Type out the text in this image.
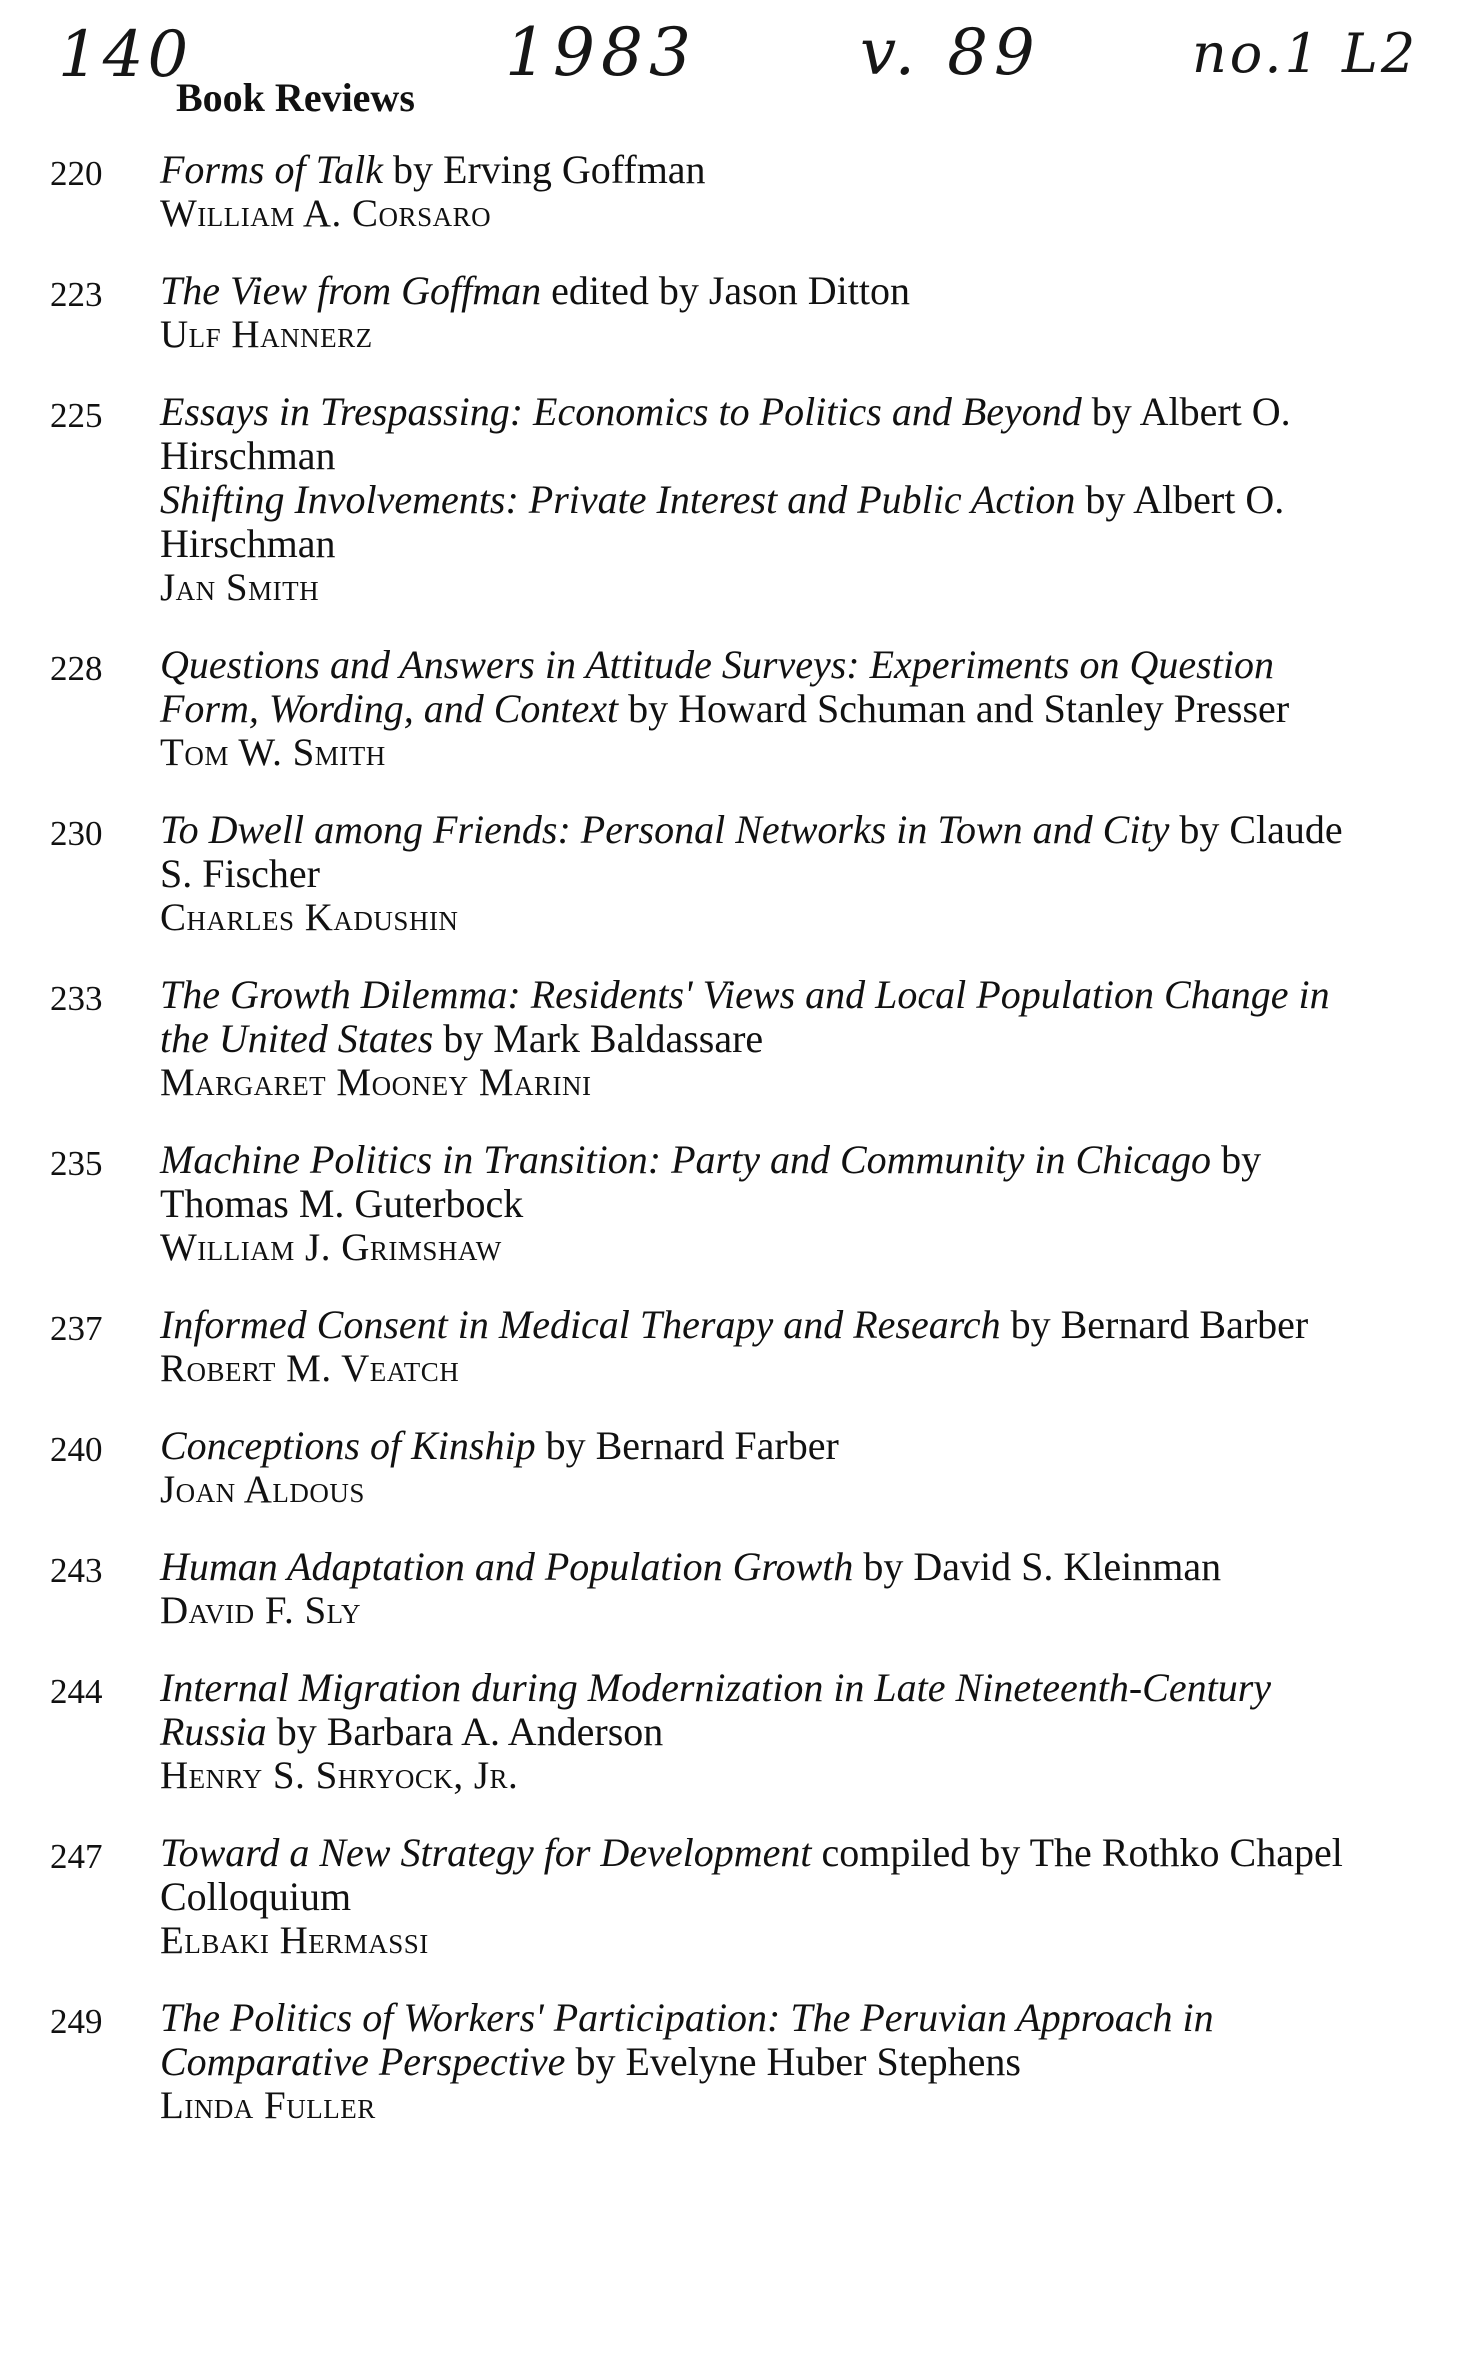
140	1983	v. 89	no.1 L2
Book Reviews
220	Forms of Talk by Erving Goffman
William A. Corsaro
223	The View from Goffman edited by Jason Ditton
Ulf Hannerz
225	Essays in Trespassing: Economics to Politics and Beyond by Albert O. Hirschman
Shifting Involvements: Private Interest and Public Action by Albert O. Hirschman
Jan Smith
228	Questions and Answers in Attitude Surveys: Experiments on Question Form, Wording, and Context by Howard Schuman and Stanley Presser
Tom W. Smith
230	To Dwell among Friends: Personal Networks in Town and City by Claude S. Fischer
Charles Kadushin
233	The Growth Dilemma: Residents' Views and Local Population Change in the United States by Mark Baldassare
Margaret Mooney Marini
235	Machine Politics in Transition: Party and Community in Chicago by Thomas M. Guterbock
William J. Grimshaw
237	Informed Consent in Medical Therapy and Research by Bernard Barber
Robert M. Veatch
240	Conceptions of Kinship by Bernard Farber
Joan Aldous
243	Human Adaptation and Population Growth by David S. Kleinman
David F. Sly
244	Internal Migration during Modernization in Late Nineteenth-Century Russia by Barbara A. Anderson
Henry S. Shryock, Jr.
247	Toward a New Strategy for Development compiled by The Rothko Chapel Colloquium
Elbaki Hermassi
249	The Politics of Workers' Participation: The Peruvian Approach in Comparative Perspective by Evelyne Huber Stephens
Linda Fuller
